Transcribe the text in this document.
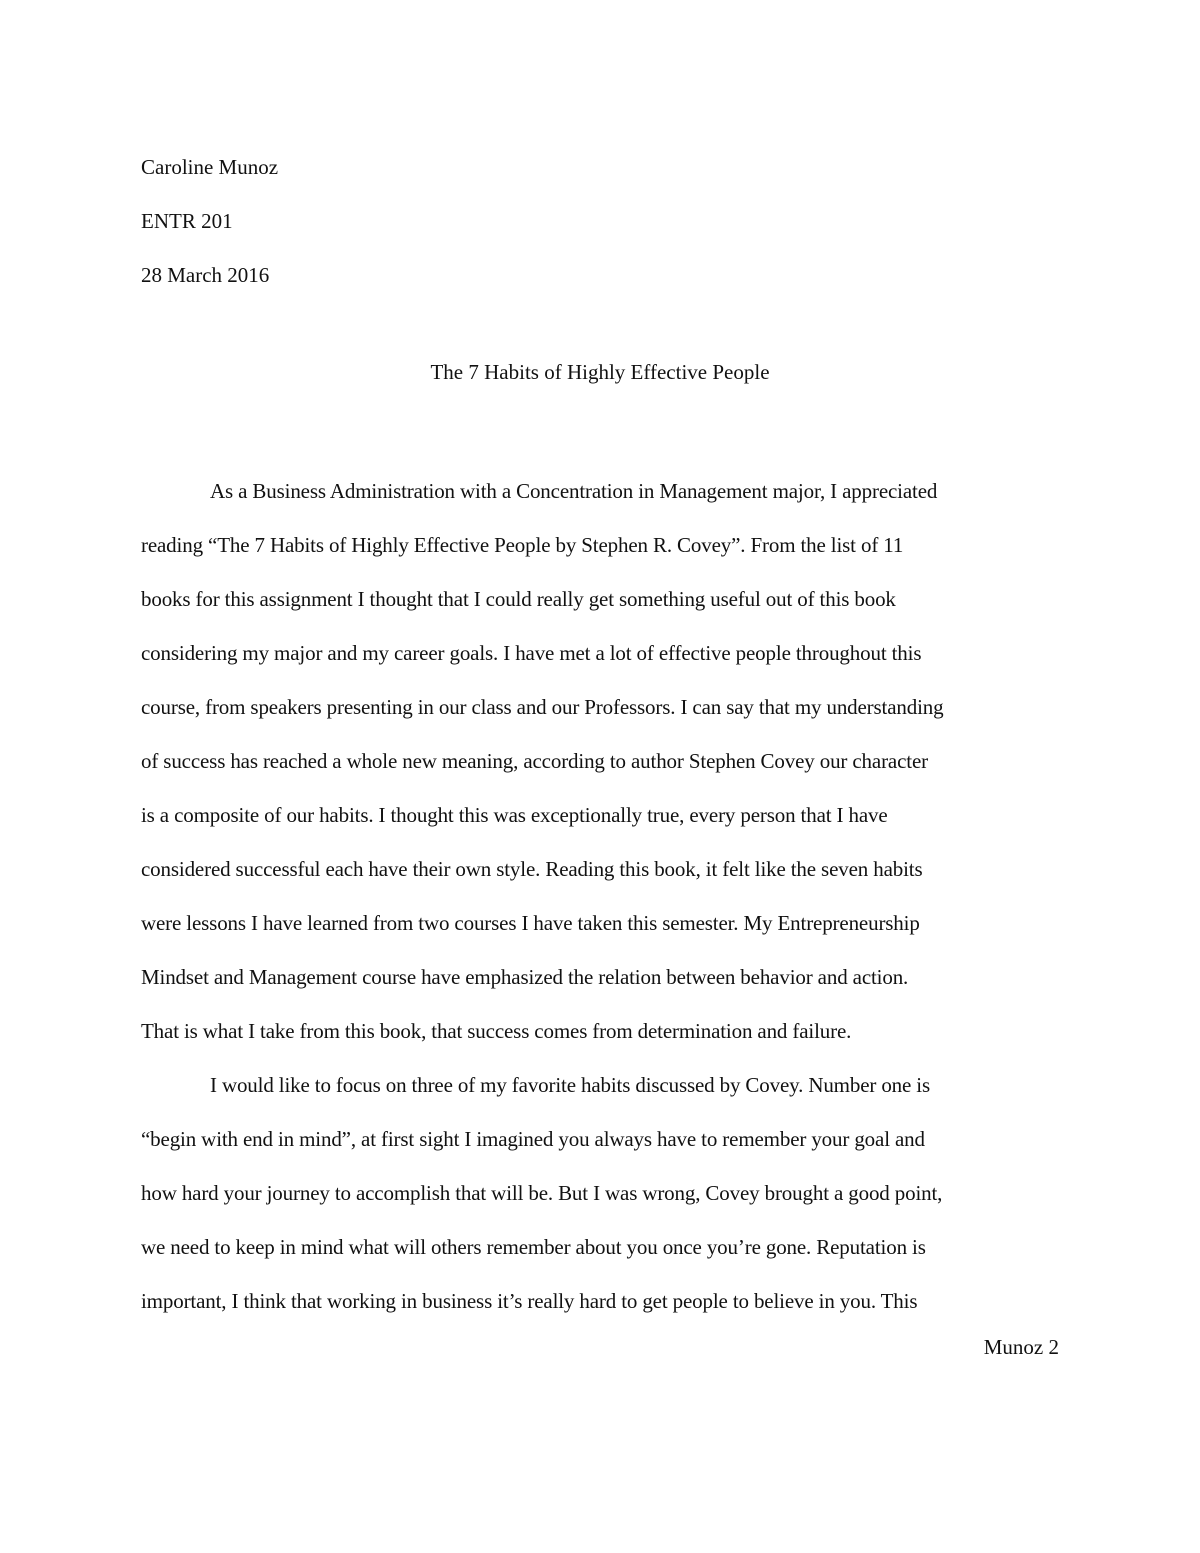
Caroline Munoz
ENTR 201
28 March 2016
The 7 Habits of Highly Effective People
As a Business Administration with a Concentration in Management major, I appreciated
reading “The 7 Habits of Highly Effective People by Stephen R. Covey”. From the list of 11
books for this assignment I thought that I could really get something useful out of this book
considering my major and my career goals. I have met a lot of effective people throughout this
course, from speakers presenting in our class and our Professors. I can say that my understanding
of success has reached a whole new meaning, according to author Stephen Covey our character
is a composite of our habits. I thought this was exceptionally true, every person that I have
considered successful each have their own style. Reading this book, it felt like the seven habits
were lessons I have learned from two courses I have taken this semester. My Entrepreneurship
Mindset and Management course have emphasized the relation between behavior and action.
That is what I take from this book, that success comes from determination and failure.
I would like to focus on three of my favorite habits discussed by Covey. Number one is
“begin with end in mind”, at first sight I imagined you always have to remember your goal and
how hard your journey to accomplish that will be. But I was wrong, Covey brought a good point,
we need to keep in mind what will others remember about you once you’re gone. Reputation is
important, I think that working in business it’s really hard to get people to believe in you. This
Munoz 2
